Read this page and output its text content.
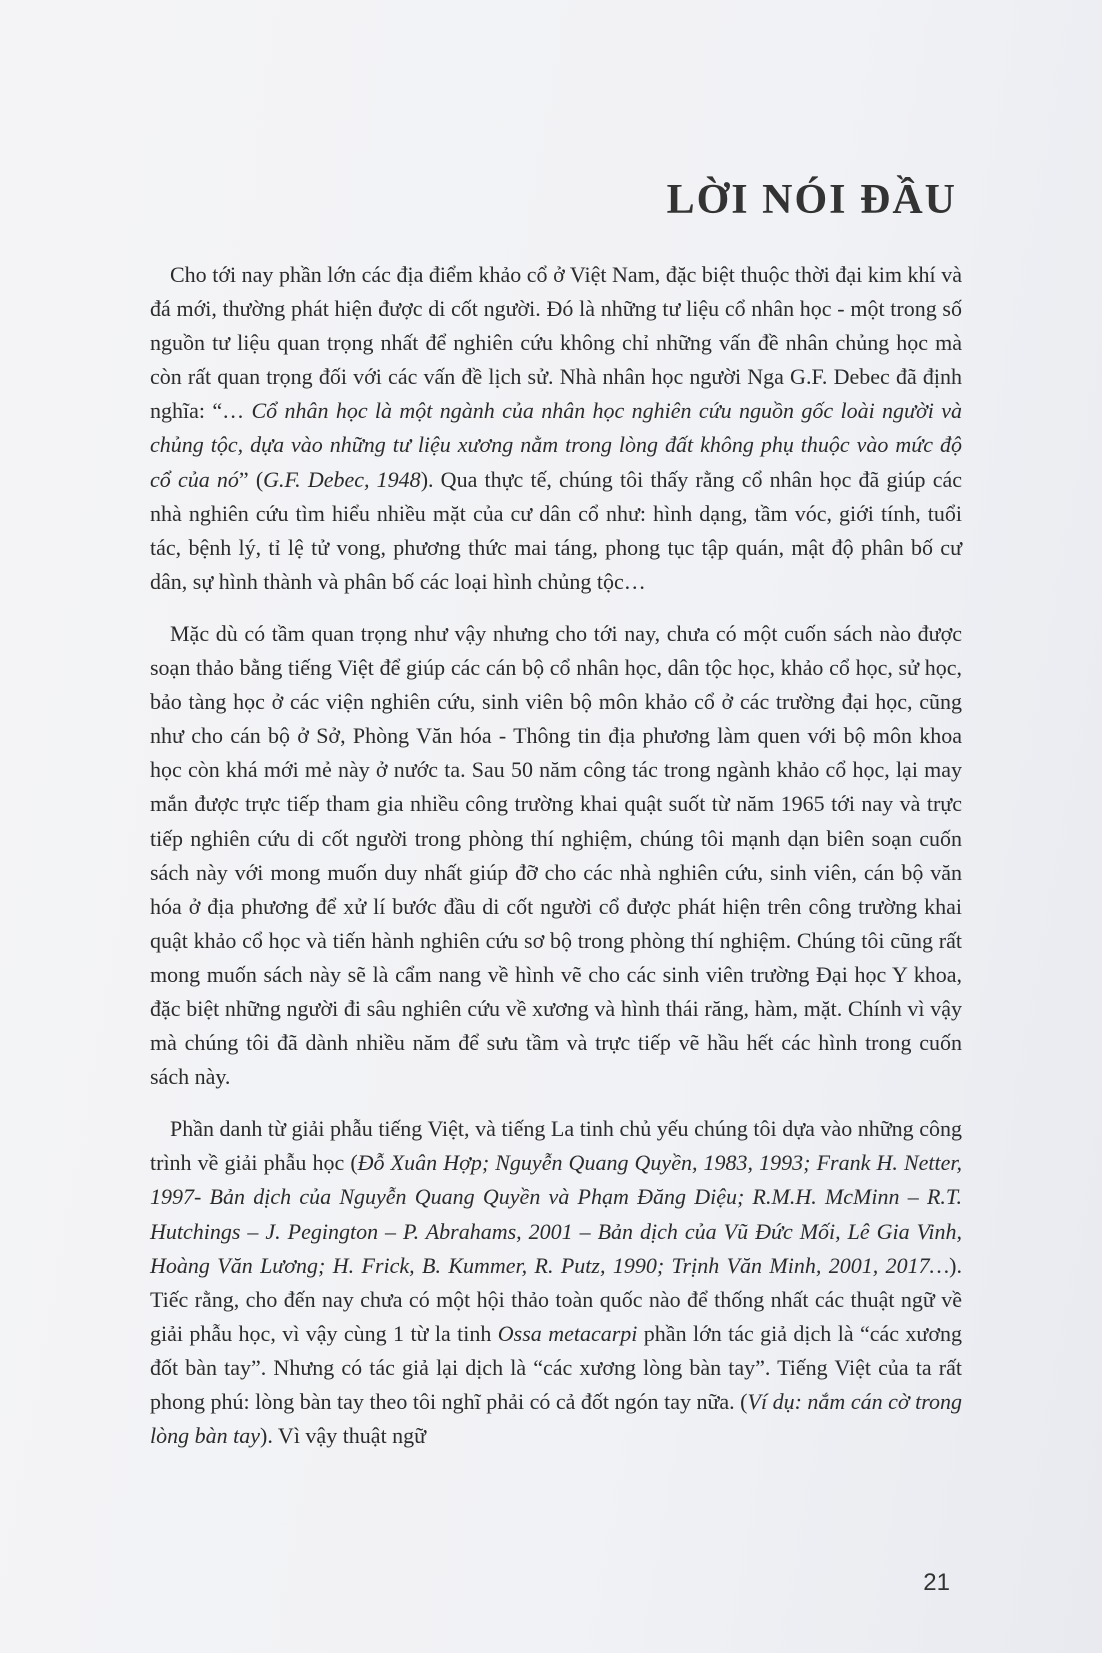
LỜI NÓI ĐẦU

Cho tới nay phần lớn các địa điểm khảo cổ ở Việt Nam, đặc biệt thuộc thời đại kim khí và đá mới, thường phát hiện được di cốt người. Đó là những tư liệu cổ nhân học - một trong số nguồn tư liệu quan trọng nhất để nghiên cứu không chỉ những vấn đề nhân chủng học mà còn rất quan trọng đối với các vấn đề lịch sử. Nhà nhân học người Nga G.F. Debec đã định nghĩa: “… Cổ nhân học là một ngành của nhân học nghiên cứu nguồn gốc loài người và chủng tộc, dựa vào những tư liệu xương nằm trong lòng đất không phụ thuộc vào mức độ cổ của nó” (G.F. Debec, 1948). Qua thực tế, chúng tôi thấy rằng cổ nhân học đã giúp các nhà nghiên cứu tìm hiểu nhiều mặt của cư dân cổ như: hình dạng, tầm vóc, giới tính, tuổi tác, bệnh lý, tỉ lệ tử vong, phương thức mai táng, phong tục tập quán, mật độ phân bố cư dân, sự hình thành và phân bố các loại hình chủng tộc…

Mặc dù có tầm quan trọng như vậy nhưng cho tới nay, chưa có một cuốn sách nào được soạn thảo bằng tiếng Việt để giúp các cán bộ cổ nhân học, dân tộc học, khảo cổ học, sử học, bảo tàng học ở các viện nghiên cứu, sinh viên bộ môn khảo cổ ở các trường đại học, cũng như cho cán bộ ở Sở, Phòng Văn hóa - Thông tin địa phương làm quen với bộ môn khoa học còn khá mới mẻ này ở nước ta. Sau 50 năm công tác trong ngành khảo cổ học, lại may mắn được trực tiếp tham gia nhiều công trường khai quật suốt từ năm 1965 tới nay và trực tiếp nghiên cứu di cốt người trong phòng thí nghiệm, chúng tôi mạnh dạn biên soạn cuốn sách này với mong muốn duy nhất giúp đỡ cho các nhà nghiên cứu, sinh viên, cán bộ văn hóa ở địa phương để xử lí bước đầu di cốt người cổ được phát hiện trên công trường khai quật khảo cổ học và tiến hành nghiên cứu sơ bộ trong phòng thí nghiệm. Chúng tôi cũng rất mong muốn sách này sẽ là cẩm nang về hình vẽ cho các sinh viên trường Đại học Y khoa, đặc biệt những người đi sâu nghiên cứu về xương và hình thái răng, hàm, mặt. Chính vì vậy mà chúng tôi đã dành nhiều năm để sưu tầm và trực tiếp vẽ hầu hết các hình trong cuốn sách này.

Phần danh từ giải phẫu tiếng Việt, và tiếng La tinh chủ yếu chúng tôi dựa vào những công trình về giải phẫu học (Đỗ Xuân Hợp; Nguyễn Quang Quyền, 1983, 1993; Frank H. Netter, 1997- Bản dịch của Nguyễn Quang Quyền và Phạm Đăng Diệu; R.M.H. McMinn – R.T. Hutchings – J. Pegington – P. Abrahams, 2001 – Bản dịch của Vũ Đức Mối, Lê Gia Vinh, Hoàng Văn Lương; H. Frick, B. Kummer, R. Putz, 1990; Trịnh Văn Minh, 2001, 2017…). Tiếc rằng, cho đến nay chưa có một hội thảo toàn quốc nào để thống nhất các thuật ngữ về giải phẫu học, vì vậy cùng 1 từ la tinh Ossa metacarpi phần lớn tác giả dịch là “các xương đốt bàn tay”. Nhưng có tác giả lại dịch là “các xương lòng bàn tay”. Tiếng Việt của ta rất phong phú: lòng bàn tay theo tôi nghĩ phải có cả đốt ngón tay nữa. (Ví dụ: nắm cán cờ trong lòng bàn tay). Vì vậy thuật ngữ

21
